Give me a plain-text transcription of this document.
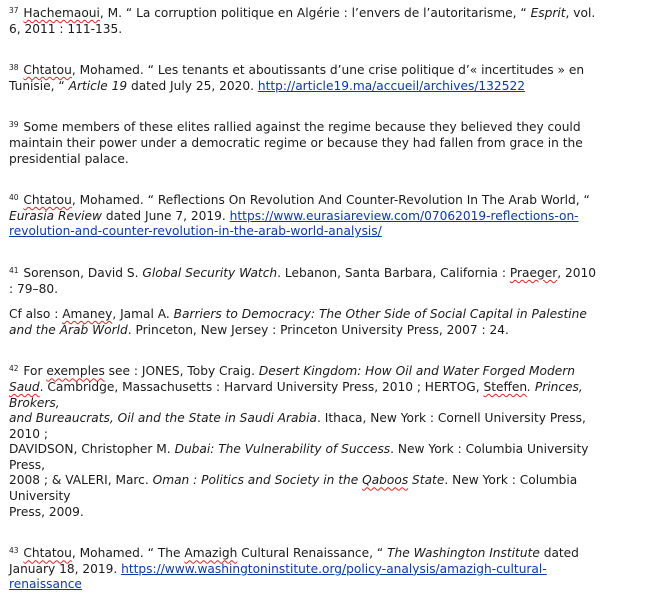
$^{37}$ Hachemaoui, M. “ La corruption politique en Algérie : l’envers de l’autoritarisme, “ Esprit, vol. 6, 2011 : 111-135.

$^{38}$ Chtatou, Mohamed. “ Les tenants et aboutissants d’une crise politique d’« incertitudes » en Tunisie, “ Article 19 dated July 25, 2020. http://article19.ma/accueil/archives/132522

$^{39}$ Some members of these elites rallied against the regime because they believed they could maintain their power under a democratic regime or because they had fallen from grace in the presidential palace.

$^{40}$ Chtatou, Mohamed. “ Reflections On Revolution And Counter-Revolution In The Arab World, “ Eurasia Review dated June 7, 2019. https://www.eurasiareview.com/07062019-reflections-on-revolution-and-counter-revolution-in-the-arab-world-analysis/

$^{41}$ Sorenson, David S. Global Security Watch. Lebanon, Santa Barbara, California : Praeger, 2010 : 79–80.

Cf also : Amaney, Jamal A. Barriers to Democracy: The Other Side of Social Capital in Palestine and the Arab World. Princeton, New Jersey : Princeton University Press, 2007 : 24.

$^{42}$ For exemples see : JONES, Toby Craig. Desert Kingdom: How Oil and Water Forged Modern Saud. Cambridge, Massachusetts : Harvard University Press, 2010 ; HERTOG, Steffen. Princes, Brokers,
and Bureaucrats, Oil and the State in Saudi Arabia. Ithaca, New York : Cornell University Press, 2010 ;
DAVIDSON, Christopher M. Dubai: The Vulnerability of Success. New York : Columbia University Press,
2008 ; & VALERI, Marc. Oman : Politics and Society in the Qaboos State. New York : Columbia University
Press, 2009.

$^{43}$ Chtatou, Mohamed. “ The Amazigh Cultural Renaissance, “ The Washington Institute dated January 18, 2019. https://www.washingtoninstitute.org/policy-analysis/amazigh-cultural-renaissance
